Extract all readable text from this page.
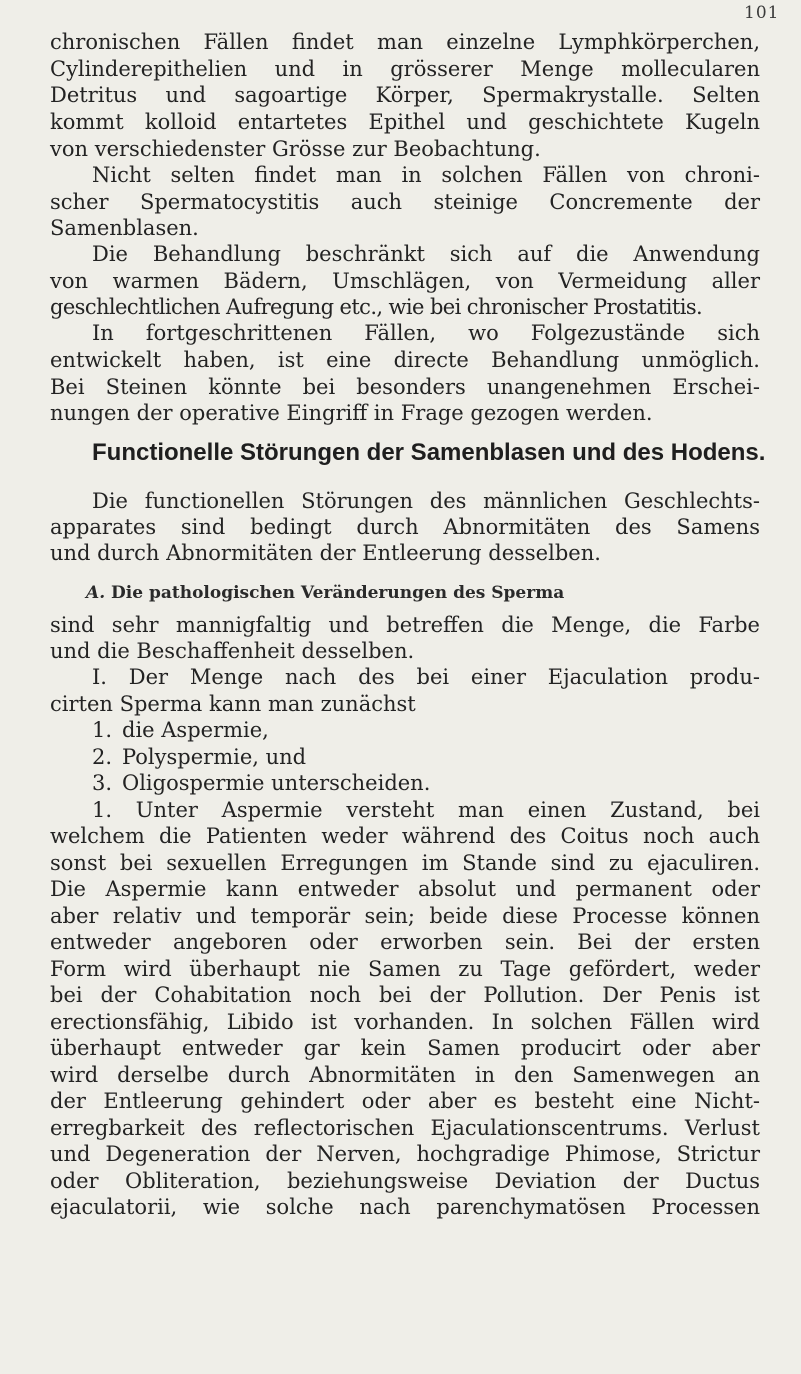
101
chronischen Fällen findet man einzelne Lymphkörperchen,
Cylinderepithelien und in grösserer Menge mollecularen
Detritus und sagoartige Körper, Spermakrystalle. Selten
kommt kolloid entartetes Epithel und geschichtete Kugeln
von verschiedenster Grösse zur Beobachtung.
Nicht selten findet man in solchen Fällen von chroni-
scher Spermatocystitis auch steinige Concremente der
Samenblasen.
Die Behandlung beschränkt sich auf die Anwendung
von warmen Bädern, Umschlägen, von Vermeidung aller
geschlechtlichen Aufregung etc., wie bei chronischer Prostatitis.
In fortgeschrittenen Fällen, wo Folgezustände sich
entwickelt haben, ist eine directe Behandlung unmöglich.
Bei Steinen könnte bei besonders unangenehmen Erschei-
nungen der operative Eingriff in Frage gezogen werden.
Functionelle Störungen der Samenblasen und des Hodens.
Die functionellen Störungen des männlichen Geschlechts-
apparates sind bedingt durch Abnormitäten des Samens
und durch Abnormitäten der Entleerung desselben.
A. Die pathologischen Veränderungen des Sperma
sind sehr mannigfaltig und betreffen die Menge, die Farbe
und die Beschaffenheit desselben.
I. Der Menge nach des bei einer Ejaculation produ-
cirten Sperma kann man zunächst
1. die Aspermie,
2. Polyspermie, und
3. Oligospermie unterscheiden.
1. Unter Aspermie versteht man einen Zustand, bei
welchem die Patienten weder während des Coitus noch auch
sonst bei sexuellen Erregungen im Stande sind zu ejaculiren.
Die Aspermie kann entweder absolut und permanent oder
aber relativ und temporär sein; beide diese Processe können
entweder angeboren oder erworben sein. Bei der ersten
Form wird überhaupt nie Samen zu Tage gefördert, weder
bei der Cohabitation noch bei der Pollution. Der Penis ist
erectionsfähig, Libido ist vorhanden. In solchen Fällen wird
überhaupt entweder gar kein Samen producirt oder aber
wird derselbe durch Abnormitäten in den Samenwegen an
der Entleerung gehindert oder aber es besteht eine Nicht-
erregbarkeit des reflectorischen Ejaculationscentrums. Verlust
und Degeneration der Nerven, hochgradige Phimose, Strictur
oder Obliteration, beziehungsweise Deviation der Ductus
ejaculatorii, wie solche nach parenchymatösen Processen
